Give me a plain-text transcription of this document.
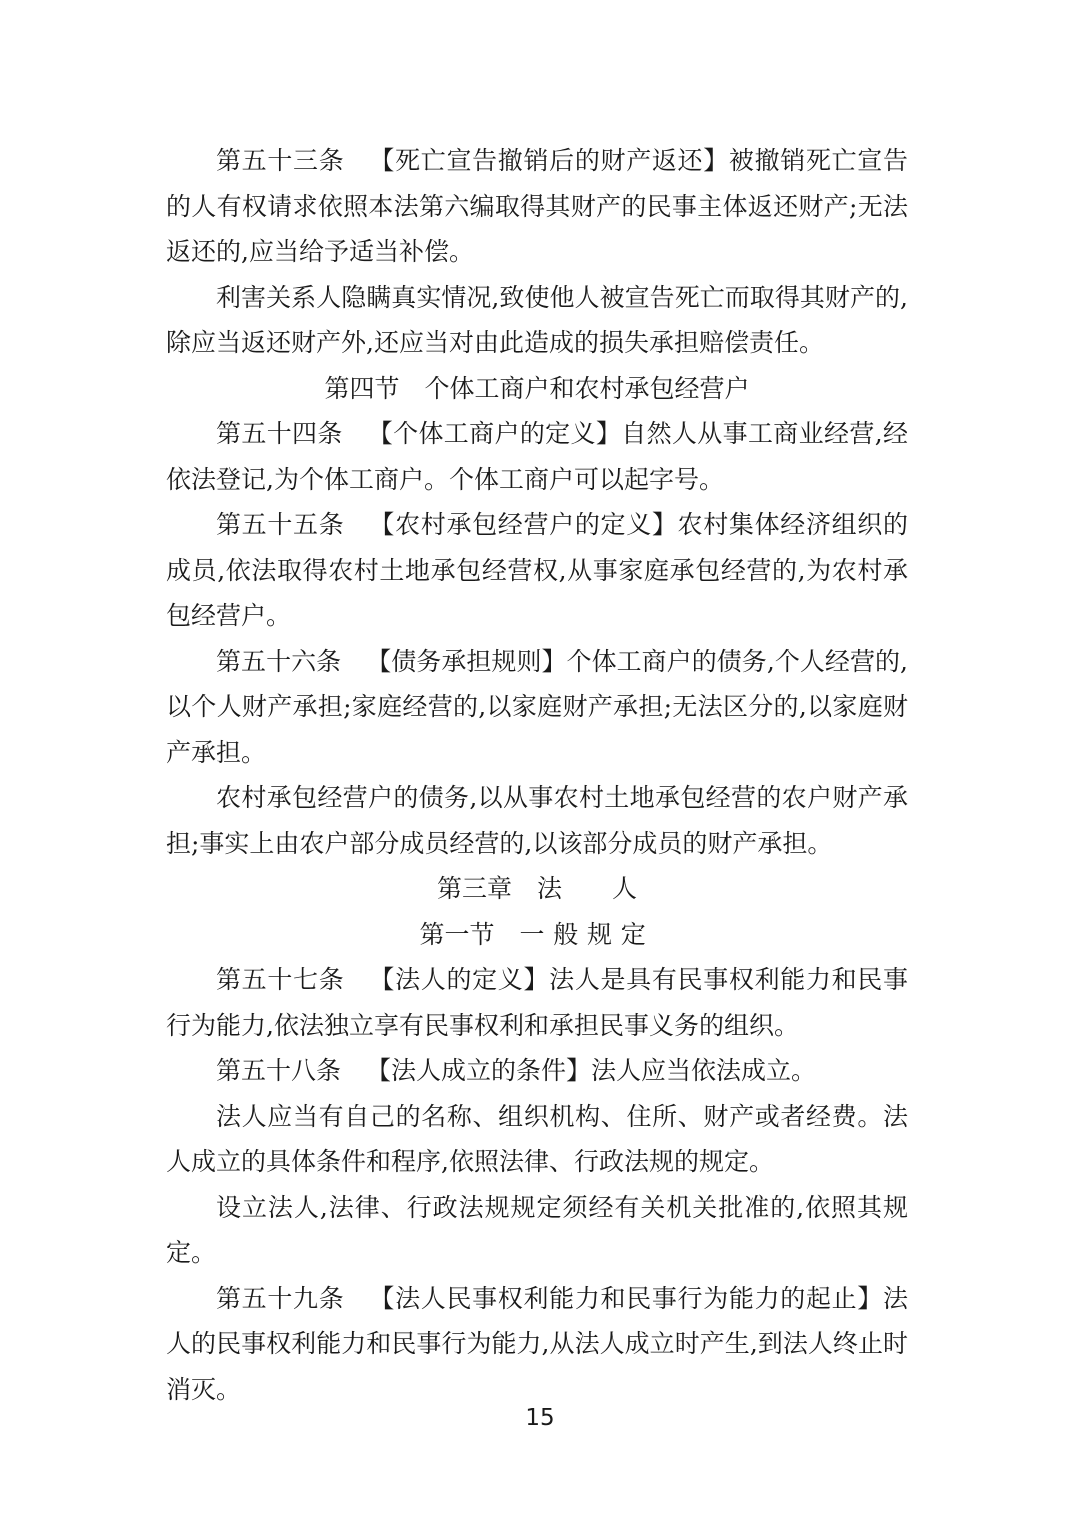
第五十三条 【死亡宣告撤销后的财产返还】被撤销死亡宣告的人有权请求依照本法第六编取得其财产的民事主体返还财产;无法返还的,应当给予适当补偿。

利害关系人隐瞒真实情况,致使他人被宣告死亡而取得其财产的,除应当返还财产外,还应当对由此造成的损失承担赔偿责任。

第四节 个体工商户和农村承包经营户

第五十四条 【个体工商户的定义】自然人从事工商业经营,经依法登记,为个体工商户。个体工商户可以起字号。

第五十五条 【农村承包经营户的定义】农村集体经济组织的成员,依法取得农村土地承包经营权,从事家庭承包经营的,为农村承包经营户。

第五十六条 【债务承担规则】个体工商户的债务,个人经营的,以个人财产承担;家庭经营的,以家庭财产承担;无法区分的,以家庭财产承担。

农村承包经营户的债务,以从事农村土地承包经营的农户财产承担;事实上由农户部分成员经营的,以该部分成员的财产承担。

第三章 法 人

第一节 一般规定

第五十七条 【法人的定义】法人是具有民事权利能力和民事行为能力,依法独立享有民事权利和承担民事义务的组织。

第五十八条 【法人成立的条件】法人应当依法成立。

法人应当有自己的名称、组织机构、住所、财产或者经费。法人成立的具体条件和程序,依照法律、行政法规的规定。

设立法人,法律、行政法规规定须经有关机关批准的,依照其规定。

第五十九条 【法人民事权利能力和民事行为能力的起止】法人的民事权利能力和民事行为能力,从法人成立时产生,到法人终止时消灭。

15
